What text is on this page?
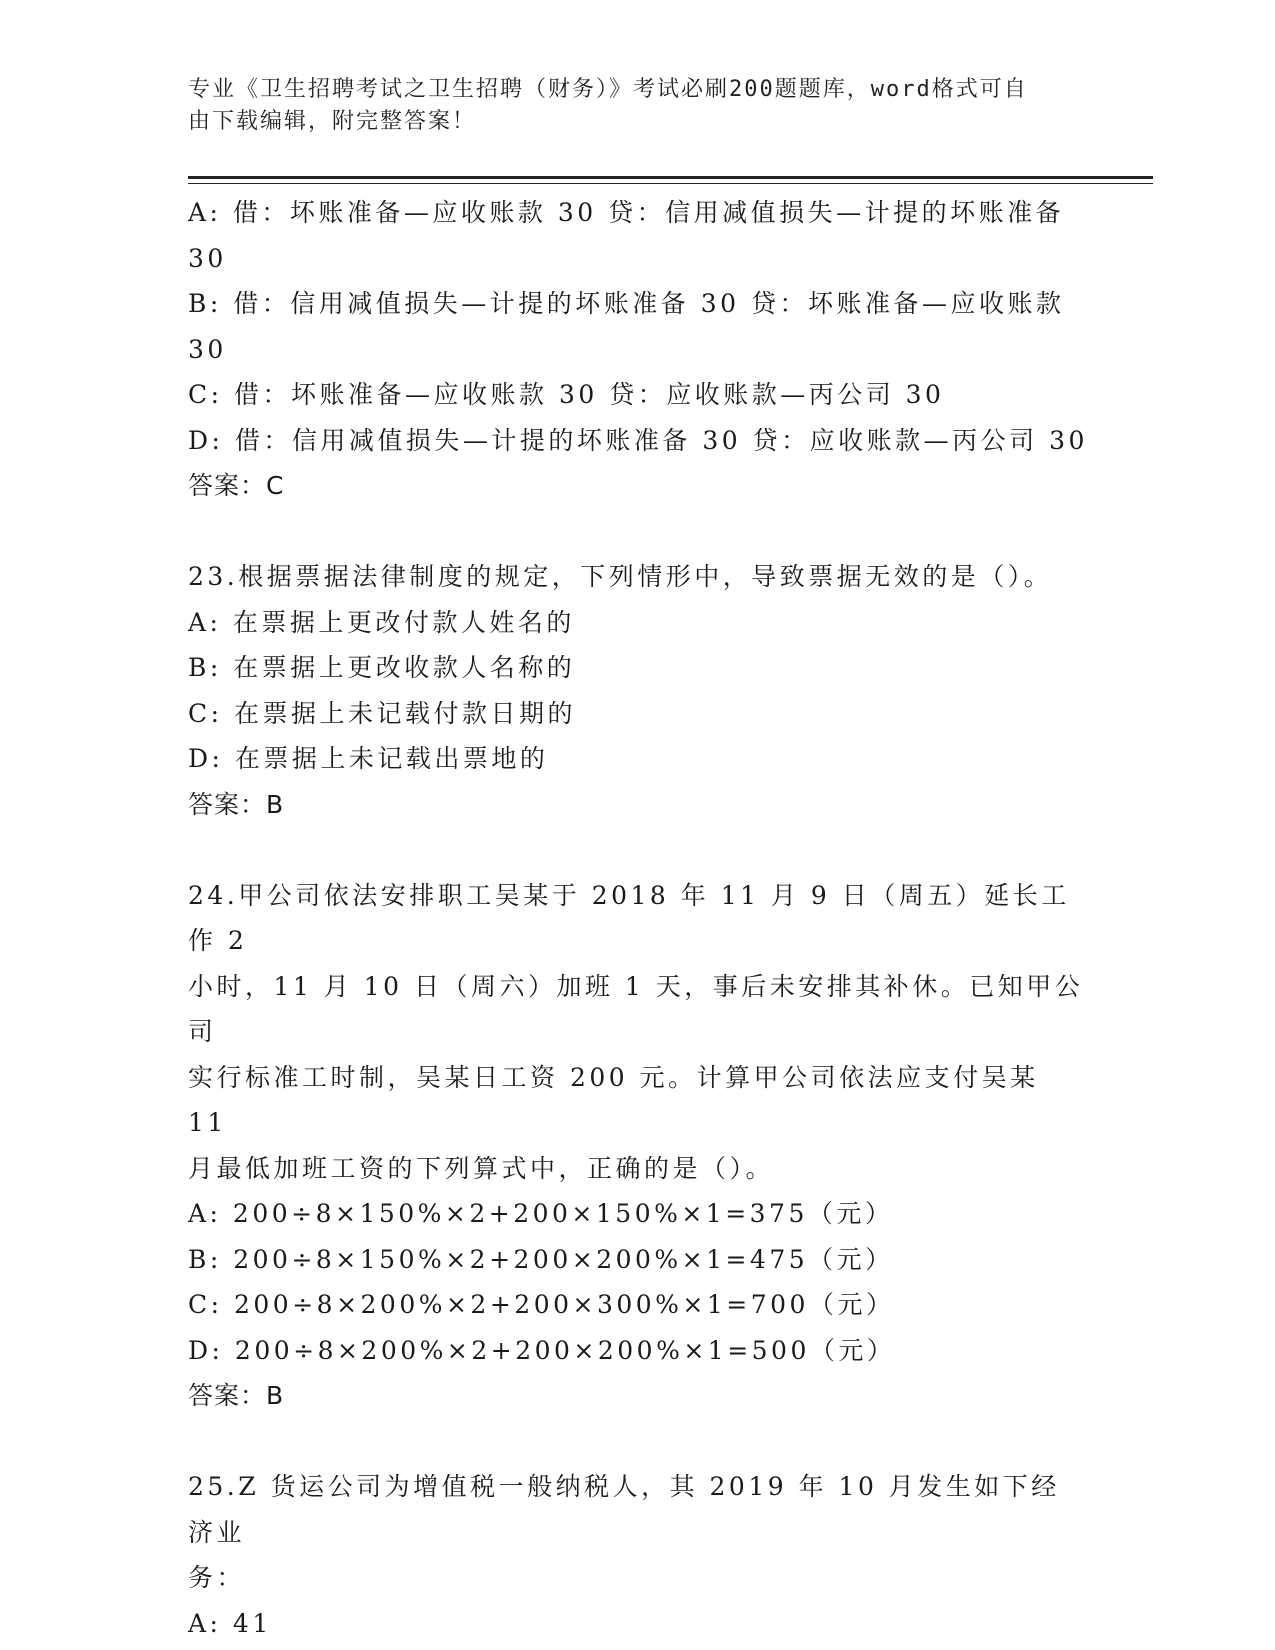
专业《卫生招聘考试之卫生招聘（财务）》考试必刷200题题库，word格式可自
由下载编辑，附完整答案！
A: 借：坏账准备—应收账款 30 贷：信用减值损失—计提的坏账准备
30
B: 借：信用减值损失—计提的坏账准备 30 贷：坏账准备—应收账款
30
C: 借：坏账准备—应收账款 30 贷：应收账款—丙公司 30
D: 借：信用减值损失—计提的坏账准备 30 贷：应收账款—丙公司 30
答案：C
23.根据票据法律制度的规定，下列情形中，导致票据无效的是（）。
A: 在票据上更改付款人姓名的
B: 在票据上更改收款人名称的
C: 在票据上未记载付款日期的
D: 在票据上未记载出票地的
答案：B
24.甲公司依法安排职工吴某于 2018 年 11 月 9 日（周五）延长工作 2
小时，11 月 10 日（周六）加班 1 天，事后未安排其补休。已知甲公司
实行标准工时制，吴某日工资 200 元。计算甲公司依法应支付吴某 11
月最低加班工资的下列算式中，正确的是（）。
A: 200÷8×150%×2+200×150%×1=375（元）
B: 200÷8×150%×2+200×200%×1=475（元）
C: 200÷8×200%×2+200×300%×1=700（元）
D: 200÷8×200%×2+200×200%×1=500（元）
答案：B
25.Z 货运公司为增值税一般纳税人，其 2019 年 10 月发生如下经济业
务：
A: 41
